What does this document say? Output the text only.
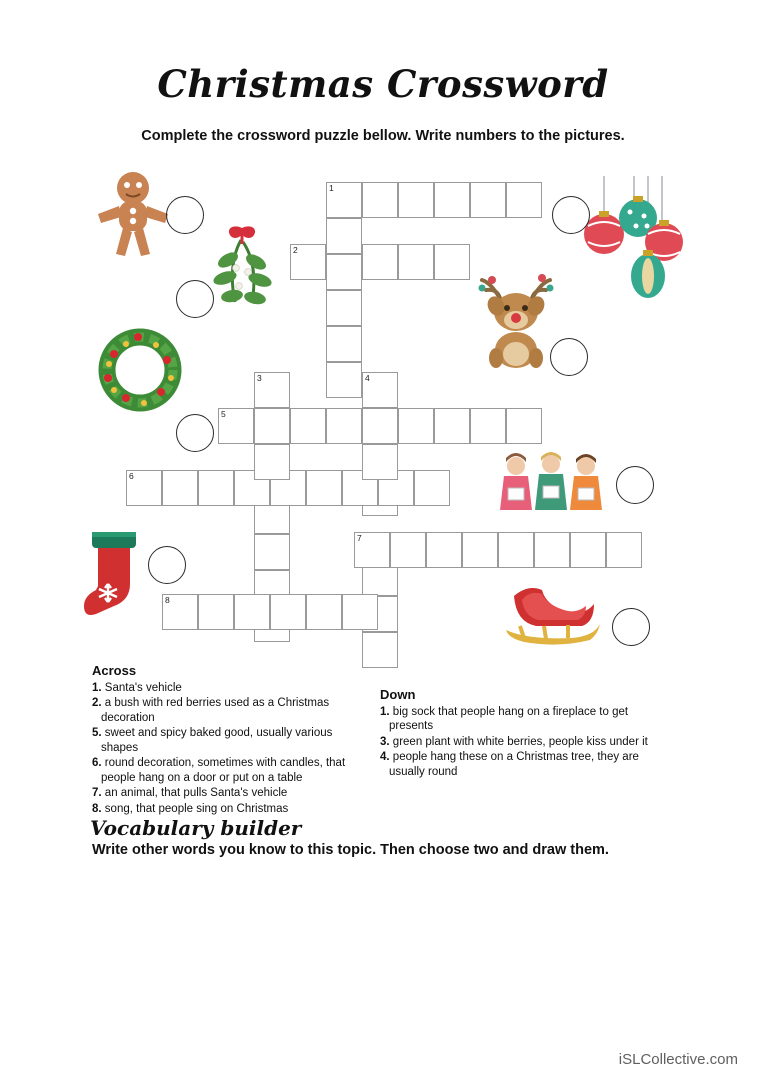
Christmas Crossword
Complete the crossword puzzle bellow. Write numbers to the pictures.
1
2
3	4
5
6
7
8
Across

1. Santa's vehicle

2. a bush with red berries used as a Christmas decoration

5. sweet and spicy baked good, usually various shapes

6. round decoration, sometimes with candles, that people hang on a door or put on a table

7. an animal, that pulls Santa's vehicle

8. song, that people sing on Christmas

Down

1. big sock that people hang on a fireplace to get presents

3. green plant with white berries, people kiss under it

4. people hang these on a Christmas tree, they are usually round

Vocabulary builder
Write other words you know to this topic. Then choose two and draw them.
iSLCollective.com
